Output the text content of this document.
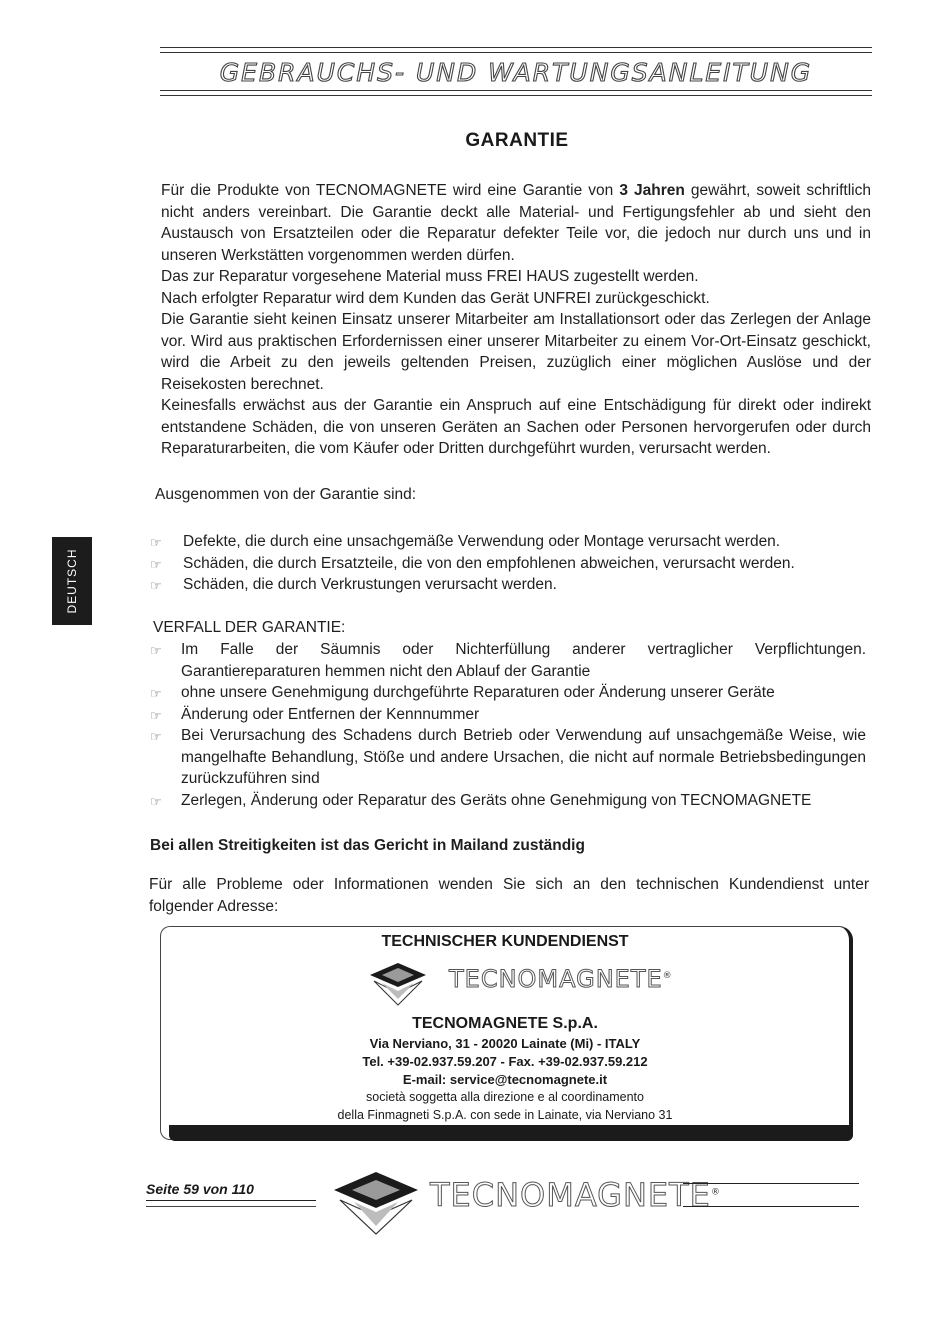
GEBRAUCHS- UND WARTUNGSANLEITUNG
GARANTIE
DEUTSCH

Für die Produkte von TECNOMAGNETE wird eine Garantie von 3 Jahren gewährt, soweit schriftlich nicht anders vereinbart. Die Garantie deckt alle Material- und Fertigungsfehler ab und sieht den Austausch von Ersatzteilen oder die Reparatur defekter Teile vor, die jedoch nur durch uns und in unseren Werkstätten vorgenommen werden dürfen.

Das zur Reparatur vorgesehene Material muss FREI HAUS zugestellt werden.

Nach erfolgter Reparatur wird dem Kunden das Gerät UNFREI zurückgeschickt.

Die Garantie sieht keinen Einsatz unserer Mitarbeiter am Installationsort oder das Zerlegen der Anlage vor. Wird aus praktischen Erfordernissen einer unserer Mitarbeiter zu einem Vor-Ort-Einsatz geschickt, wird die Arbeit zu den jeweils geltenden Preisen, zuzüglich einer möglichen Auslöse und der Reisekosten berechnet.

Keinesfalls erwächst aus der Garantie ein Anspruch auf eine Entschädigung für direkt oder indirekt entstandene Schäden, die von unseren Geräten an Sachen oder Personen hervorgerufen oder durch Reparaturarbeiten, die vom Käufer oder Dritten durchgeführt wurden, verursacht werden.

Ausgenommen von der Garantie sind:
☞ Defekte, die durch eine unsachgemäße Verwendung oder Montage verursacht werden.
☞ Schäden, die durch Ersatzteile, die von den empfohlenen abweichen, verursacht werden.
☞ Schäden, die durch Verkrustungen verursacht werden.
VERFALL DER GARANTIE:
☞ Im Falle der Säumnis oder Nichterfüllung anderer vertraglicher Verpflichtungen. Garantiereparaturen hemmen nicht den Ablauf der Garantie
☞ ohne unsere Genehmigung durchgeführte Reparaturen oder Änderung unserer Geräte
☞ Änderung oder Entfernen der Kennnummer
☞ Bei Verursachung des Schadens durch Betrieb oder Verwendung auf unsachgemäße Weise, wie mangelhafte Behandlung, Stöße und andere Ursachen, die nicht auf normale Betriebsbedingungen zurückzuführen sind
☞ Zerlegen, Änderung oder Reparatur des Geräts ohne Genehmigung von TECNOMAGNETE
Bei allen Streitigkeiten ist das Gericht in Mailand zuständig
Für alle Probleme oder Informationen wenden Sie sich an den technischen Kundendienst unter folgender Adresse:
TECHNISCHER KUNDENDIENST
TECNOMAGNETE®
TECNOMAGNETE S.p.A.
Via Nerviano, 31 - 20020 Lainate (Mi) - ITALY
Tel. +39-02.937.59.207 - Fax. +39-02.937.59.212
E-mail: service@tecnomagnete.it
società soggetta alla direzione e al coordinamento
della Finmagneti S.p.A. con sede in Lainate, via Nerviano 31
Seite 59 von 110	TECNOMAGNETE®
